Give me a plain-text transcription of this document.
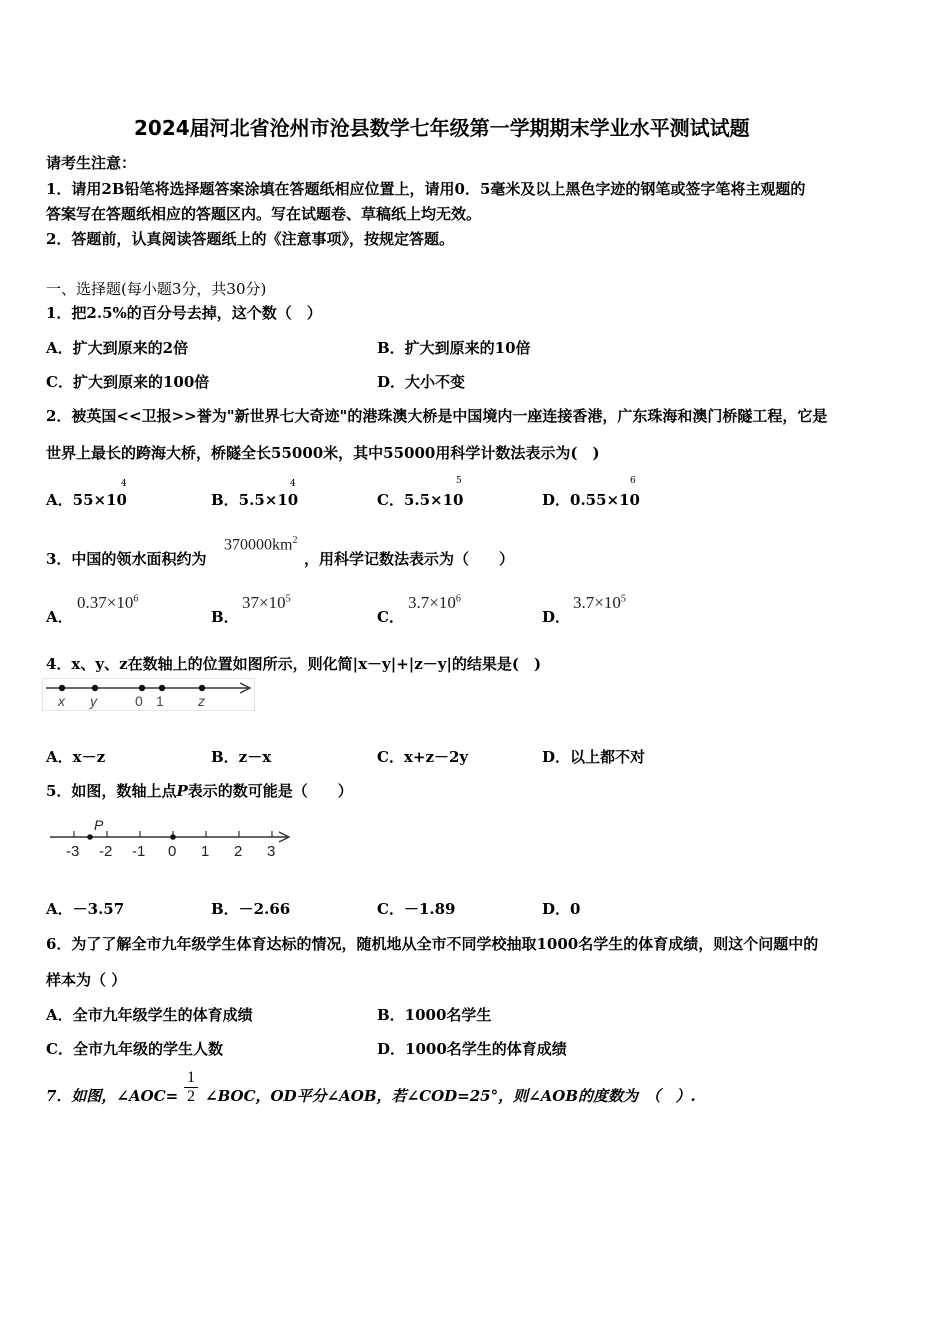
2024届河北省沧州市沧县数学七年级第一学期期末学业水平测试试题
请考生注意：
1．请用2B铅笔将选择题答案涂填在答题纸相应位置上，请用0．5毫米及以上黑色字迹的钢笔或签字笔将主观题的
答案写在答题纸相应的答题区内。写在试题卷、草稿纸上均无效。
2．答题前，认真阅读答题纸上的《注意事项》，按规定答题。
一、选择题(每小题3分，共30分)
1．把2.5%的百分号去掉，这个数（　）
A．扩大到原来的2倍	B．扩大到原来的10倍
C．扩大到原来的100倍	D．大小不变
2．被英国<<卫报>>誉为"新世界七大奇迹"的港珠澳大桥是中国境内一座连接香港，广东珠海和澳门桥隧工程，它是
世界上最长的跨海大桥，桥隧全长55000米，其中55000用科学计数法表示为(　)
A．55×10
4
B．5.5×10
4
C．5.5×10
5
D．0.55×10
6
3．中国的领水面积约为
$370000km^2$
，用科学记数法表示为（　　）
A．
$0.37\times 10^6$
B．
$37\times 10^5$
C．
$3.7\times 10^6$
D．
$3.7\times 10^5$
4．x、y、z在数轴上的位置如图所示，则化简|x－y|+|z－y|的结果是(　)
x y	0 1 z
A．x－z	B．z－x	C．x+z－2y	D．以上都不对
5．如图，数轴上点P表示的数可能是（　　）
P
-3 -2 -1 0 1 2 3
A．－3.57	B．－2.66	C．－1.89	D．0
6．为了了解全市九年级学生体育达标的情况，随机地从全市不同学校抽取1000名学生的体育成绩，则这个问题中的
样本为（ ）
A．全市九年级学生的体育成绩	B．1000名学生
C．全市九年级的学生人数	D．1000名学生的体育成绩
7．如图，∠AOC= $\frac{1}{2}$ ∠BOC，OD平分∠AOB，若∠COD=25°，则∠AOB的度数为　（　）.
